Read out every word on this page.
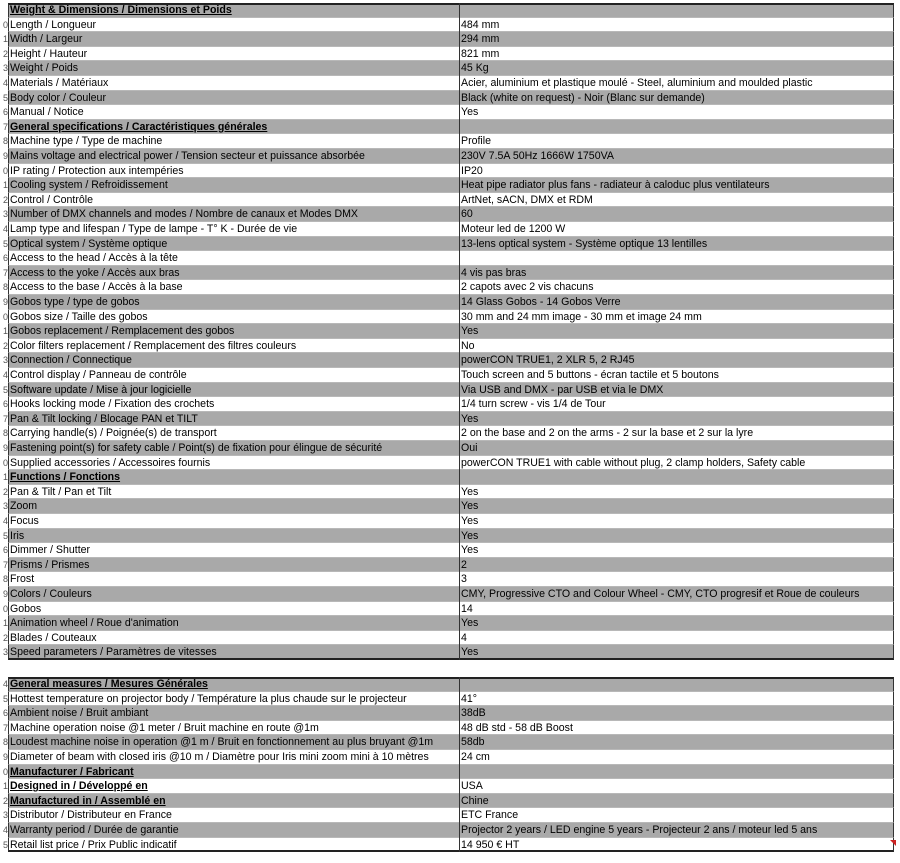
Weight & Dimensions / Dimensions et Poids
0 Length / Longueur	484 mm
1 Width / Largeur	294 mm
2 Height / Hauteur	821 mm
3 Weight / Poids	45 Kg
4 Materials / Matériaux	Acier, aluminium et plastique moulé - Steel, aluminium and moulded plastic
5 Body color / Couleur	Black (white on request) - Noir (Blanc sur demande)
6 Manual / Notice	Yes
7 General specifications / Caractéristiques générales
8 Machine type / Type de machine	Profile
9 Mains voltage and electrical power / Tension secteur et puissance absorbée	230V 7.5A 50Hz 1666W 1750VA
0 IP rating / Protection aux intempéries	IP20
1 Cooling system / Refroidissement	Heat pipe radiator plus fans - radiateur à caloduc plus ventilateurs
2 Control / Contrôle	ArtNet, sACN, DMX et RDM
3 Number of DMX channels and modes / Nombre de canaux et Modes DMX	60
4 Lamp type and lifespan / Type de lampe - T° K - Durée de vie	Moteur led de 1200 W
5 Optical system / Système optique	13-lens optical system - Système optique 13 lentilles
6 Access to the head / Accès à la tête
7 Access to the yoke / Accès aux bras	4 vis pas bras
8 Access to the base / Accès à la base	2 capots avec 2 vis chacuns
9 Gobos type / type de gobos	14 Glass Gobos - 14 Gobos Verre
0 Gobos size / Taille des gobos	30 mm and 24 mm image - 30 mm et image 24 mm
1 Gobos replacement / Remplacement des gobos	Yes
2 Color filters replacement / Remplacement des filtres couleurs	No
3 Connection / Connectique	powerCON TRUE1, 2 XLR 5, 2 RJ45
4 Control display / Panneau de contrôle	Touch screen and 5 buttons - écran tactile et 5 boutons
5 Software update / Mise à jour logicielle	Via USB and DMX - par USB et via le DMX
6 Hooks locking mode / Fixation des crochets	1/4 turn screw - vis 1/4 de Tour
7 Pan & Tilt locking / Blocage PAN et TILT	Yes
8 Carrying handle(s) / Poignée(s) de transport	2 on the base and 2 on the arms - 2 sur la base et 2 sur la lyre
9 Fastening point(s) for safety cable / Point(s) de fixation pour élingue de sécurité	Oui
0 Supplied accessories / Accessoires fournis	powerCON TRUE1 with cable without plug, 2 clamp holders, Safety cable
1 Functions / Fonctions
2 Pan & Tilt / Pan et Tilt	Yes
3 Zoom	Yes
4 Focus	Yes
5 Iris	Yes
6 Dimmer / Shutter	Yes
7 Prisms / Prismes	2
8 Frost	3
9 Colors / Couleurs	CMY, Progressive CTO and Colour Wheel - CMY, CTO progresif et Roue de couleurs
0 Gobos	14
1 Animation wheel / Roue d'animation	Yes
2 Blades / Couteaux	4
3 Speed parameters / Paramètres de vitesses	Yes
4 General measures / Mesures Générales
5 Hottest temperature on projector body / Température la plus chaude sur le projecteur	41°
6 Ambient noise / Bruit ambiant	38dB
7 Machine operation noise @1 meter / Bruit machine en route @1m	48 dB std - 58 dB Boost
8 Loudest machine noise in operation @1 m / Bruit en fonctionnement au plus bruyant @1m	58db
9 Diameter of beam with closed iris @10 m / Diamètre pour Iris mini zoom mini à 10 mètres	24 cm
0 Manufacturer / Fabricant
1 Designed in / Développé en	USA
2 Manufactured in / Assemblé en	Chine
3 Distributor / Distributeur en France	ETC France
4 Warranty period / Durée de garantie	Projector 2 years / LED engine 5 years - Projecteur 2 ans / moteur led 5 ans
5 Retail list price / Prix Public indicatif	14 950 € HT
